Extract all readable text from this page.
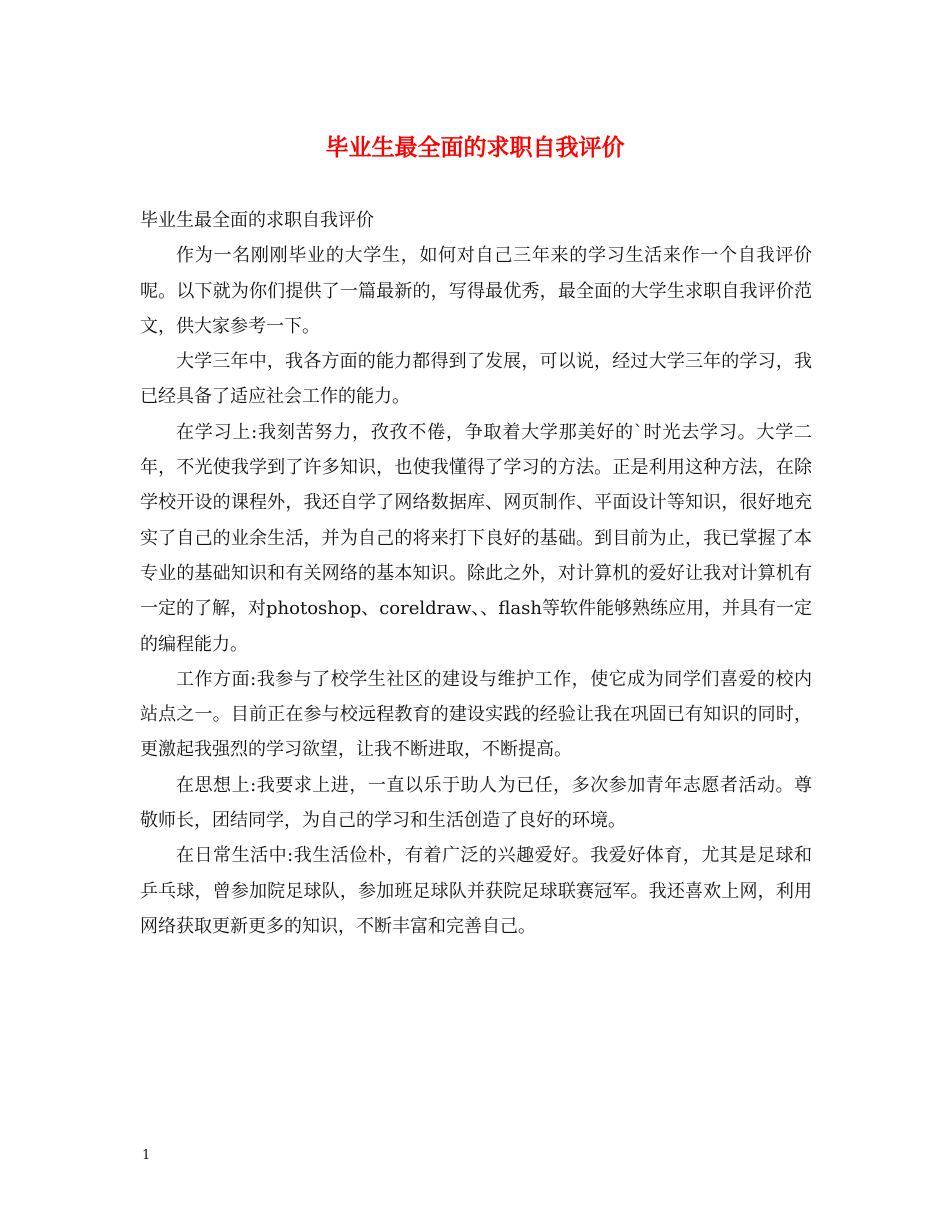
毕业生最全面的求职自我评价

毕业生最全面的求职自我评价

作为一名刚刚毕业的大学生，如何对自己三年来的学习生活来作一个自我评价呢。以下就为你们提供了一篇最新的，写得最优秀，最全面的大学生求职自我评价范文，供大家参考一下。

大学三年中，我各方面的能力都得到了发展，可以说，经过大学三年的学习，我已经具备了适应社会工作的能力。

在学习上:我刻苦努力，孜孜不倦，争取着大学那美好的`时光去学习。大学二年，不光使我学到了许多知识，也使我懂得了学习的方法。正是利用这种方法，在除学校开设的课程外，我还自学了网络数据库、网页制作、平面设计等知识，很好地充实了自己的业余生活，并为自己的将来打下良好的基础。到目前为止，我已掌握了本专业的基础知识和有关网络的基本知识。除此之外，对计算机的爱好让我对计算机有一定的了解，对photoshop、coreldraw、、flash等软件能够熟练应用，并具有一定的编程能力。

工作方面:我参与了校学生社区的建设与维护工作，使它成为同学们喜爱的校内站点之一。目前正在参与校远程教育的建设实践的经验让我在巩固已有知识的同时，更激起我强烈的学习欲望，让我不断进取，不断提高。

在思想上:我要求上进，一直以乐于助人为已任，多次参加青年志愿者活动。尊敬师长，团结同学，为自己的学习和生活创造了良好的环境。

在日常生活中:我生活俭朴，有着广泛的兴趣爱好。我爱好体育，尤其是足球和乒乓球，曾参加院足球队，参加班足球队并获院足球联赛冠军。我还喜欢上网，利用网络获取更新更多的知识，不断丰富和完善自己。

1
